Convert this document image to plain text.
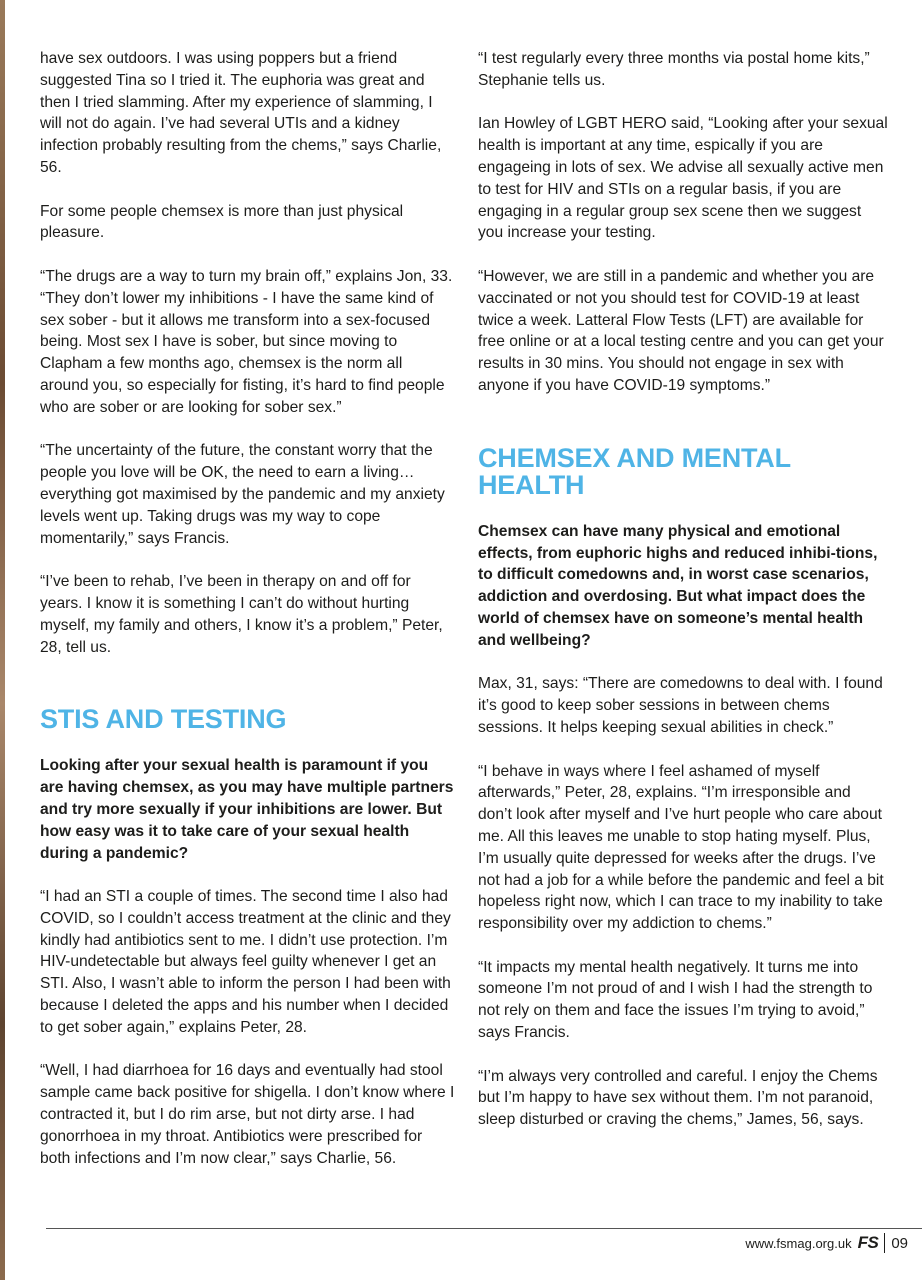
have sex outdoors. I was using poppers but a friend suggested Tina so I tried it. The euphoria was great and then I tried slamming. After my experience of slamming, I will not do again. I’ve had several UTIs and a kidney infection probably resulting from the chems,” says Charlie, 56.

For some people chemsex is more than just physical pleasure.

“The drugs are a way to turn my brain off,” explains Jon, 33. “They don’t lower my inhibitions - I have the same kind of sex sober - but it allows me transform into a sex-focused being. Most sex I have is sober, but since moving to Clapham a few months ago, chemsex is the norm all around you, so especially for fisting, it’s hard to find people who are sober or are looking for sober sex.”

“The uncertainty of the future, the constant worry that the people you love will be OK, the need to earn a living… everything got maximised by the pandemic and my anxiety levels went up. Taking drugs was my way to cope momentarily,” says Francis.

“I’ve been to rehab, I’ve been in therapy on and off for years. I know it is something I can’t do without hurting myself, my family and others, I know it’s a problem,” Peter, 28, tell us.

STIS AND TESTING

Looking after your sexual health is paramount if you are having chemsex, as you may have multiple partners and try more sexually if your inhibitions are lower. But how easy was it to take care of your sexual health during a pandemic?

“I had an STI a couple of times. The second time I also had COVID, so I couldn’t access treatment at the clinic and they kindly had antibiotics sent to me. I didn’t use protection. I’m HIV-undetectable but always feel guilty whenever I get an STI. Also, I wasn’t able to inform the person I had been with because I deleted the apps and his number when I decided to get sober again,” explains Peter, 28.

“Well, I had diarrhoea for 16 days and eventually had stool sample came back positive for shigella. I don’t know where I contracted it, but I do rim arse, but not dirty arse. I had gonorrhoea in my throat. Antibiotics were prescribed for both infections and I’m now clear,” says Charlie, 56.

“I test regularly every three months via postal home kits,” Stephanie tells us.

Ian Howley of LGBT HERO said, “Looking after your sexual health is important at any time, espically if you are engageing in lots of sex. We advise all sexually active men to test for HIV and STIs on a regular basis, if you are engaging in a regular group sex scene then we suggest you increase your testing.

“However, we are still in a pandemic and whether you are vaccinated or not you should test for COVID-19 at least twice a week. Latteral Flow Tests (LFT) are available for free online or at a local testing centre and you can get your results in 30 mins. You should not engage in sex with anyone if you have COVID-19 symptoms.”

CHEMSEX AND MENTAL HEALTH

Chemsex can have many physical and emotional effects, from euphoric highs and reduced inhibi-tions, to difficult comedowns and, in worst case scenarios, addiction and overdosing. But what impact does the world of chemsex have on someone’s mental health and wellbeing?

Max, 31, says: “There are comedowns to deal with. I found it’s good to keep sober sessions in between chems sessions. It helps keeping sexual abilities in check.”

“I behave in ways where I feel ashamed of myself afterwards,” Peter, 28, explains. “I’m irresponsible and don’t look after myself and I’ve hurt people who care about me. All this leaves me unable to stop hating myself. Plus, I’m usually quite depressed for weeks after the drugs. I’ve not had a job for a while before the pandemic and feel a bit hopeless right now, which I can trace to my inability to take responsibility over my addiction to chems.”

“It impacts my mental health negatively. It turns me into someone I’m not proud of and I wish I had the strength to not rely on them and face the issues I’m trying to avoid,” says Francis.

“I’m always very controlled and careful. I enjoy the Chems but I’m happy to have sex without them. I’m not paranoid, sleep disturbed or craving the chems,” James, 56, says.

www.fsmag.org.uk FS 09
